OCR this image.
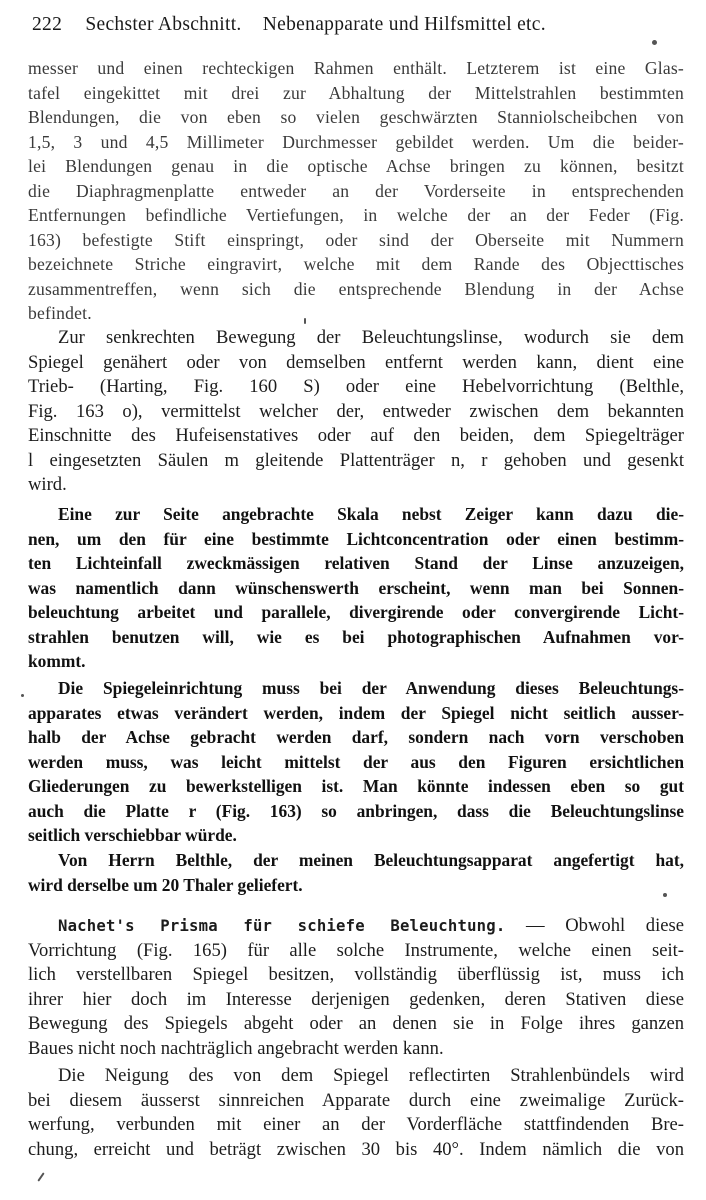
222 Sechster Abschnitt. Nebenapparate und Hilfsmittel etc.
messer und einen rechteckigen Rahmen enthält. Letzterem ist eine Glas-
tafel eingekittet mit drei zur Abhaltung der Mittelstrahlen bestimmten
Blendungen, die von eben so vielen geschwärzten Stanniolscheibchen von
1,5, 3 und 4,5 Millimeter Durchmesser gebildet werden. Um die beider-
lei Blendungen genau in die optische Achse bringen zu können, besitzt
die Diaphragmenplatte entweder an der Vorderseite in entsprechenden
Entfernungen befindliche Vertiefungen, in welche der an der Feder (Fig.
163) befestigte Stift einspringt, oder sind der Oberseite mit Nummern
bezeichnete Striche eingravirt, welche mit dem Rande des Objecttisches
zusammentreffen, wenn sich die entsprechende Blendung in der Achse
befindet.
Zur senkrechten Bewegung der Beleuchtungslinse, wodurch sie dem
Spiegel genähert oder von demselben entfernt werden kann, dient eine
Trieb- (Harting, Fig. 160 S) oder eine Hebelvorrichtung (Belthle,
Fig. 163 o), vermittelst welcher der, entweder zwischen dem bekannten
Einschnitte des Hufeisenstatives oder auf den beiden, dem Spiegelträger
l eingesetzten Säulen m gleitende Plattenträger n, r gehoben und gesenkt
wird.
Eine zur Seite angebrachte Skala nebst Zeiger kann dazu die-
nen, um den für eine bestimmte Lichtconcentration oder einen bestimm-
ten Lichteinfall zweckmässigen relativen Stand der Linse anzuzeigen,
was namentlich dann wünschenswerth erscheint, wenn man bei Sonnen-
beleuchtung arbeitet und parallele, divergirende oder convergirende Licht-
strahlen benutzen will, wie es bei photographischen Aufnahmen vor-
kommt.
Die Spiegeleinrichtung muss bei der Anwendung dieses Beleuchtungs-
apparates etwas verändert werden, indem der Spiegel nicht seitlich ausser-
halb der Achse gebracht werden darf, sondern nach vorn verschoben
werden muss, was leicht mittelst der aus den Figuren ersichtlichen
Gliederungen zu bewerkstelligen ist. Man könnte indessen eben so gut
auch die Platte r (Fig. 163) so anbringen, dass die Beleuchtungslinse
seitlich verschiebbar würde.
Von Herrn Belthle, der meinen Beleuchtungsapparat angefertigt hat,
wird derselbe um 20 Thaler geliefert.
Nachet's Prisma für schiefe Beleuchtung. — Obwohl diese
Vorrichtung (Fig. 165) für alle solche Instrumente, welche einen seit-
lich verstellbaren Spiegel besitzen, vollständig überflüssig ist, muss ich
ihrer hier doch im Interesse derjenigen gedenken, deren Stativen diese
Bewegung des Spiegels abgeht oder an denen sie in Folge ihres ganzen
Baues nicht noch nachträglich angebracht werden kann.
Die Neigung des von dem Spiegel reflectirten Strahlenbündels wird
bei diesem äusserst sinnreichen Apparate durch eine zweimalige Zurück-
werfung, verbunden mit einer an der Vorderfläche stattfindenden Bre-
chung, erreicht und beträgt zwischen 30 bis 40°. Indem nämlich die von
